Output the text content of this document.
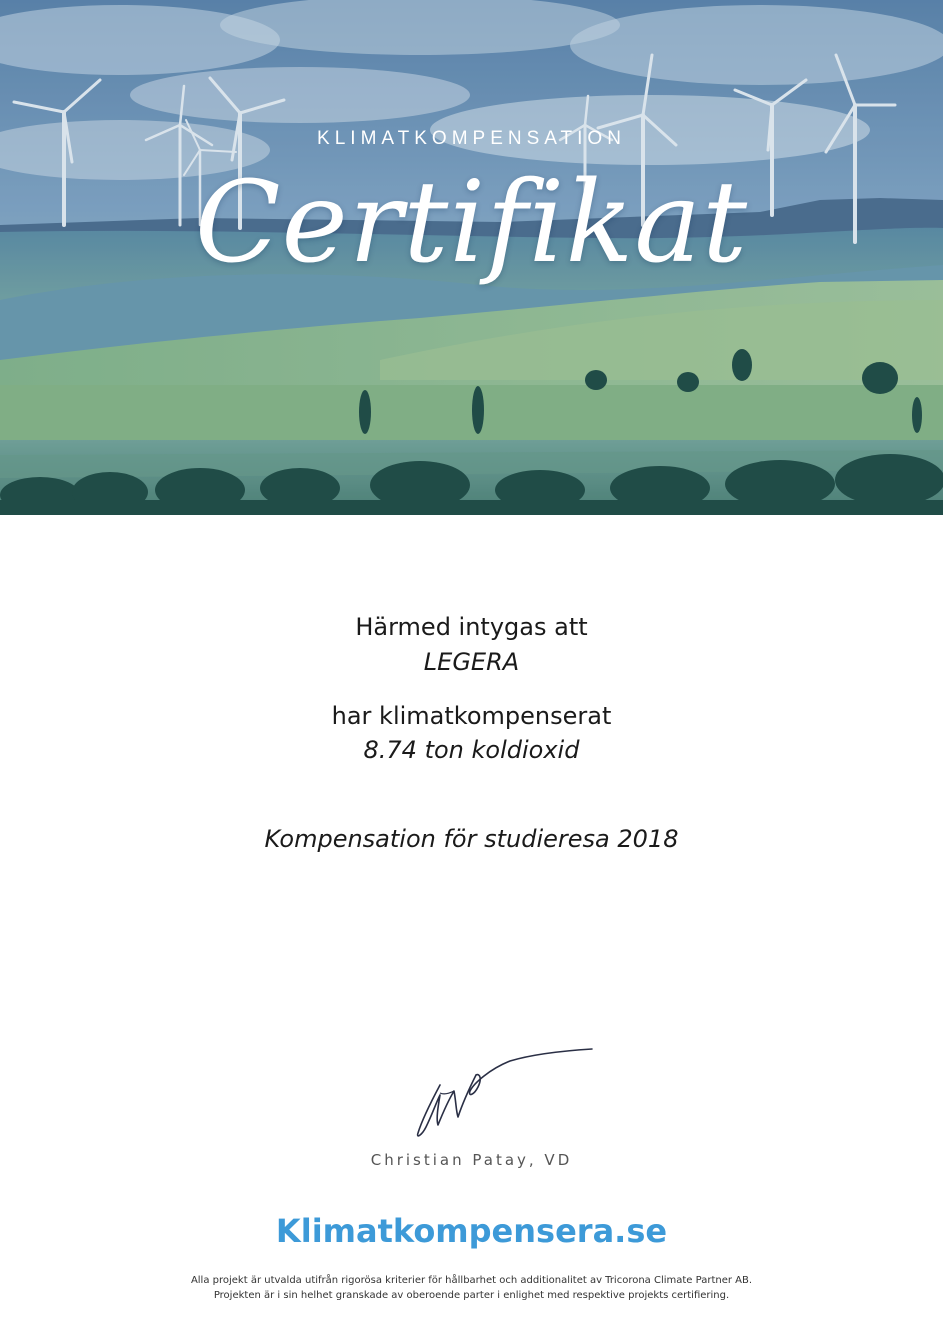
KLIMATKOMPENSATION
Certifikat
Härmed intygas att
LEGERA
har klimatkompenserat
8.74 ton koldioxid
Kompensation för studieresa 2018
Christian Patay, VD
Klimatkompensera.se
Alla projekt är utvalda utifrån rigorösa kriterier för hållbarhet och additionalitet av Tricorona Climate Partner AB.
Projekten är i sin helhet granskade av oberoende parter i enlighet med respektive projekts certifiering.
